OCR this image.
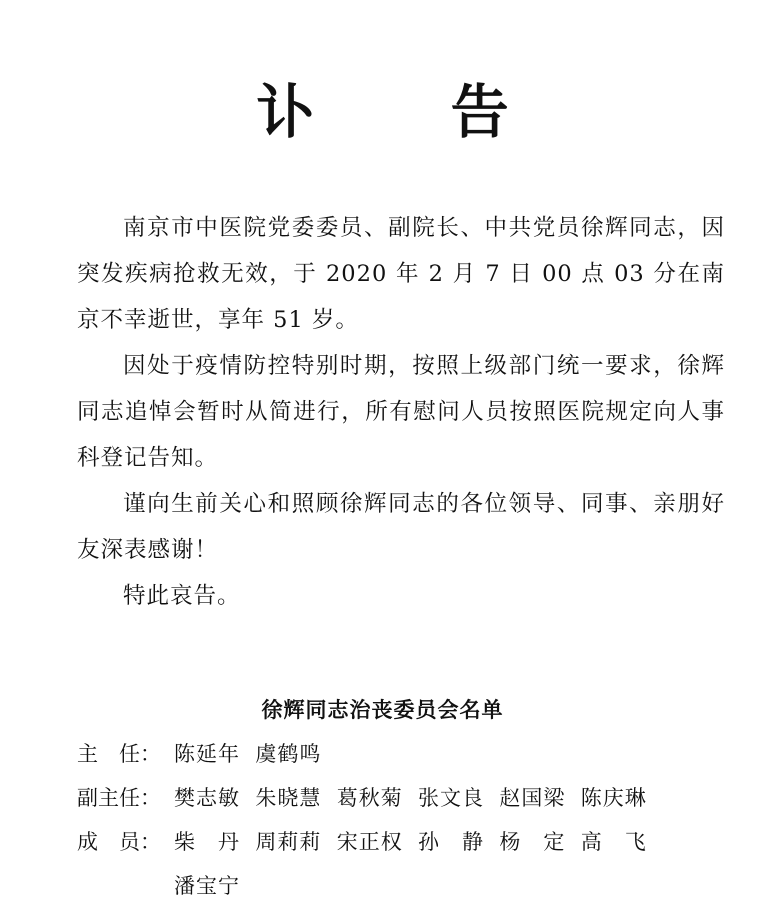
讣 告

南京市中医院党委委员、副院长、中共党员徐辉同志，因突发疾病抢救无效，于 2020 年 2 月 7 日 00 点 03 分在南京不幸逝世，享年 51 岁。

因处于疫情防控特别时期，按照上级部门统一要求，徐辉同志追悼会暂时从简进行，所有慰问人员按照医院规定向人事科登记告知。

谨向生前关心和照顾徐辉同志的各位领导、同事、亲朋好友深表感谢！

特此哀告。

徐辉同志治丧委员会名单
主　任： 陈延年  虞鹤鸣
副主任： 樊志敏  朱晓慧  葛秋菊  张文良  赵国梁  陈庆琳
成　员： 柴　丹  周莉莉  宋正权  孙　静  杨　定  高　飞
潘宝宁
